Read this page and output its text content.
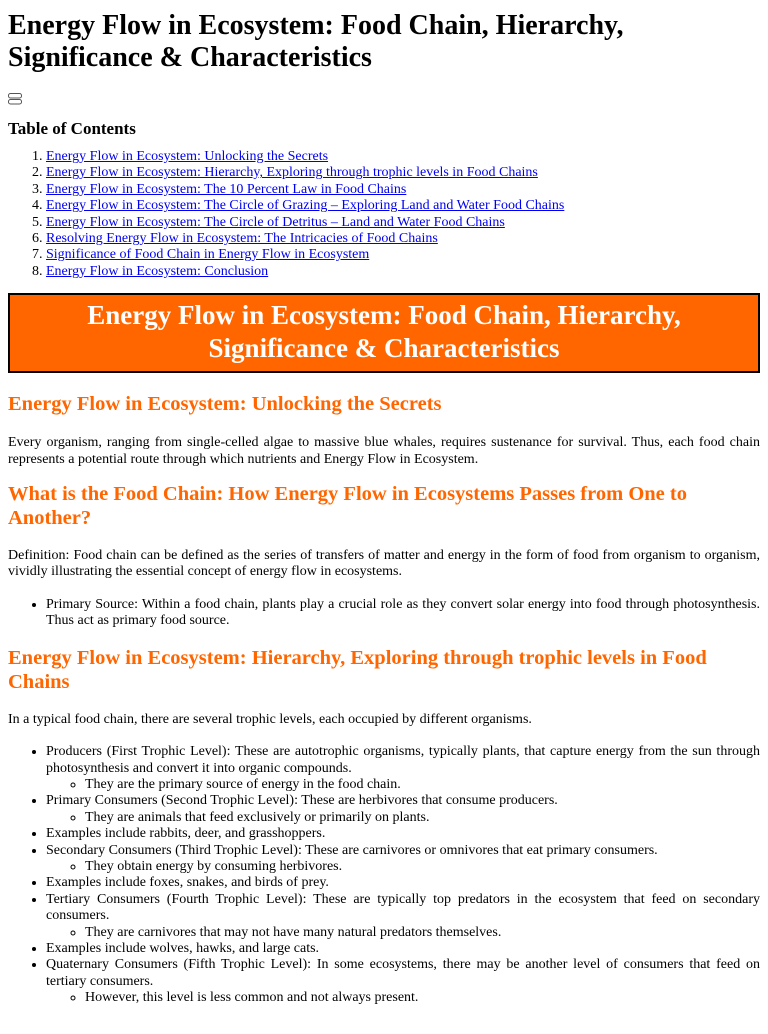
Energy Flow in Ecosystem: Food Chain, Hierarchy, Significance & Characteristics
Table of Contents
1. Energy Flow in Ecosystem: Unlocking the Secrets
2. Energy Flow in Ecosystem: Hierarchy, Exploring through trophic levels in Food Chains
3. Energy Flow in Ecosystem: The 10 Percent Law in Food Chains
4. Energy Flow in Ecosystem: The Circle of Grazing – Exploring Land and Water Food Chains
5. Energy Flow in Ecosystem: The Circle of Detritus – Land and Water Food Chains
6. Resolving Energy Flow in Ecosystem: The Intricacies of Food Chains
7. Significance of Food Chain in Energy Flow in Ecosystem
8. Energy Flow in Ecosystem: Conclusion
Energy Flow in Ecosystem: Food Chain, Hierarchy, Significance & Characteristics
Energy Flow in Ecosystem: Unlocking the Secrets

Every organism, ranging from single-celled algae to massive blue whales, requires sustenance for survival. Thus, each food chain represents a potential route through which nutrients and Energy Flow in Ecosystem.

What is the Food Chain: How Energy Flow in Ecosystems Passes from One to Another?

Definition: Food chain can be defined as the series of transfers of matter and energy in the form of food from organism to organism, vividly illustrating the essential concept of energy flow in ecosystems.

• Primary Source: Within a food chain, plants play a crucial role as they convert solar energy into food through photosynthesis. Thus act as primary food source.
Energy Flow in Ecosystem: Hierarchy, Exploring through trophic levels in Food Chains

In a typical food chain, there are several trophic levels, each occupied by different organisms.

• Producers (First Trophic Level): These are autotrophic organisms, typically plants, that capture energy from the sun through photosynthesis and convert it into organic compounds.
◦ They are the primary source of energy in the food chain.
• Primary Consumers (Second Trophic Level): These are herbivores that consume producers.
◦ They are animals that feed exclusively or primarily on plants.
• Examples include rabbits, deer, and grasshoppers.
• Secondary Consumers (Third Trophic Level): These are carnivores or omnivores that eat primary consumers.
◦ They obtain energy by consuming herbivores.
• Examples include foxes, snakes, and birds of prey.
• Tertiary Consumers (Fourth Trophic Level): These are typically top predators in the ecosystem that feed on secondary consumers.
◦ They are carnivores that may not have many natural predators themselves.
• Examples include wolves, hawks, and large cats.
• Quaternary Consumers (Fifth Trophic Level): In some ecosystems, there may be another level of consumers that feed on tertiary consumers.
◦ However, this level is less common and not always present.
